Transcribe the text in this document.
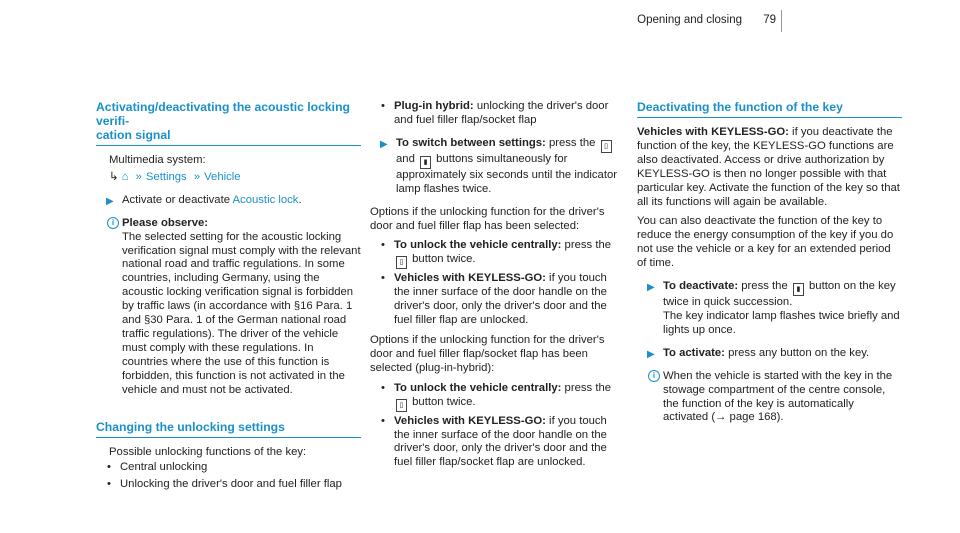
Opening and closing 79
Activating/deactivating the acoustic locking verifi-
cation signal
Multimedia system:
↳ ⌂ » Settings » Vehicle
▶ Activate or deactivate Acoustic lock.
i Please observe:
The selected setting for the acoustic locking verification signal must comply with the relevant national road and traffic regulations. In some countries, including Germany, using the acoustic locking verification signal is forbidden by traffic laws (in accordance with §16 Para. 1 and §30 Para. 1 of the German national road traffic regulations). The driver of the vehicle must comply with these regulations. In countries where the use of this function is forbidden, this function is not activated in the vehicle and must not be activated.
Changing the unlocking settings
Possible unlocking functions of the key:
• Central unlocking
• Unlocking the driver's door and fuel filler flap
• Plug-in hybrid: unlocking the driver's door and fuel filler flap/socket flap
▶ To switch between settings: press the ▯ and ▮ buttons simultaneously for approximately six seconds until the indicator lamp flashes twice.

Options if the unlocking function for the driver's door and fuel filler flap has been selected:

• To unlock the vehicle centrally: press the ▯ button twice.
• Vehicles with KEYLESS-GO: if you touch the inner surface of the door handle on the driver's door, only the driver's door and the fuel filler flap are unlocked.

Options if the unlocking function for the driver's door and fuel filler flap/socket flap has been selected (plug-in-hybrid):

• To unlock the vehicle centrally: press the ▯ button twice.
• Vehicles with KEYLESS-GO: if you touch the inner surface of the door handle on the driver's door, only the driver's door and the fuel filler flap/socket flap are unlocked.
Deactivating the function of the key

Vehicles with KEYLESS-GO: if you deactivate the function of the key, the KEYLESS-GO functions are also deactivated. Access or drive authorization by KEYLESS-GO is then no longer possible with that particular key. Activate the function of the key so that all its functions will again be available.

You can also deactivate the function of the key to reduce the energy consumption of the key if you do not use the vehicle or a key for an extended period of time.

▶ To deactivate: press the ▮ button on the key twice in quick succession.
The key indicator lamp flashes twice briefly and lights up once.
▶ To activate: press any button on the key.
i When the vehicle is started with the key in the stowage compartment of the centre console, the function of the key is automatically activated (→ page 168).
